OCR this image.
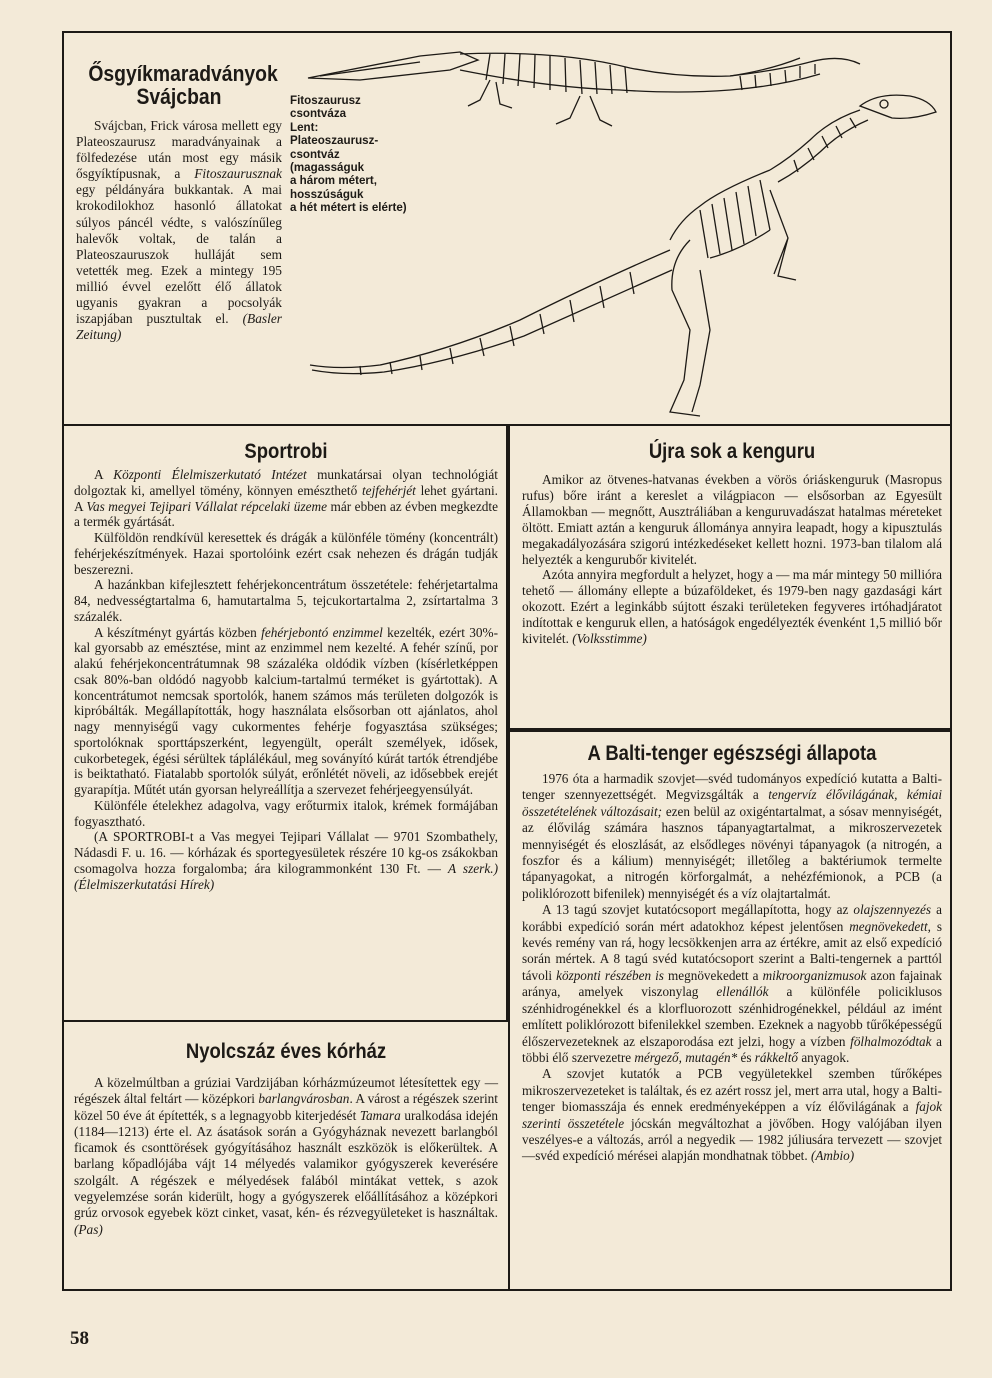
Ősgyíkmaradványok
Svájcban
Svájcban, Frick városa mellett egy Plateoszaurusz maradványainak a fölfedezése után most egy másik ősgyíktípusnak, a Fitoszaurusznak egy példányára bukkantak. A mai krokodilokhoz hasonló állatokat súlyos páncél védte, s valószínűleg halevők voltak, de talán a Plateoszauruszok hulláját sem vetették meg. Ezek a mintegy 195 millió évvel ezelőtt élő állatok ugyanis gyakran a pocsolyák iszapjában pusztultak el. (Basler Zeitung)
Fitoszaurusz
csontváza
Lent:
Plateoszaurusz-
csontváz
(magasságuk
a három métert,
hosszúságuk
a hét métert is elérte)
Sportrobi

A Központi Élelmiszerkutató Intézet munkatársai olyan technológiát dolgoztak ki, amellyel tömény, könnyen emészthető tejfehérjét lehet gyártani. A Vas megyei Tejipari Vállalat répcelaki üzeme már ebben az évben megkezdte a termék gyártását.

Külföldön rendkívül keresettek és drágák a különféle tömény (koncentrált) fehérjekészítmények. Hazai sportolóink ezért csak nehezen és drágán tudják beszerezni.

A hazánkban kifejlesztett fehérjekoncentrátum összetétele: fehérjetartalma 84, nedvességtartalma 6, hamutartalma 5, tejcukortartalma 2, zsírtartalma 3 százalék.

A készítményt gyártás közben fehérjebontó enzimmel kezelték, ezért 30%-kal gyorsabb az emésztése, mint az enzimmel nem kezelté. A fehér színű, por alakú fehérjekoncentrátumnak 98 százaléka oldódik vízben (kísérletképpen csak 80%-ban oldódó nagyobb kalcium-tartalmú terméket is gyártottak). A koncentrátumot nemcsak sportolók, hanem számos más területen dolgozók is kipróbálták. Megállapították, hogy használata elsősorban ott ajánlatos, ahol nagy mennyiségű vagy cukormentes fehérje fogyasztása szükséges; sportolóknak sporttápszerként, legyengült, operált személyek, idősek, cukorbetegek, égési sérültek táplálékául, meg soványító kúrát tartók étrendjébe is beiktatható. Fiatalabb sportolók súlyát, erőnlétét növeli, az idősebbek erejét gyarapítja. Műtét után gyorsan helyreállítja a szervezet fehérjeegyensúlyát.

Különféle ételekhez adagolva, vagy erőturmix italok, krémek formájában fogyasztható.

(A SPORTROBI-t a Vas megyei Tejipari Vállalat — 9701 Szombathely, Nádasdi F. u. 16. — kórházak és sportegyesületek részére 10 kg-os zsákokban csomagolva hozza forgalomba; ára kilogrammonként 130 Ft. — A szerk.) (Élelmiszerkutatási Hírek)

Nyolcszáz éves kórház

A közelmúltban a grúziai Vardzijában kórházmúzeumot létesítettek egy — régészek által feltárt — középkori barlangvárosban. A várost a régészek szerint közel 50 éve át építették, s a legnagyobb kiterjedését Tamara uralkodása idején (1184—1213) érte el. Az ásatások során a Gyógyháznak nevezett barlangból ficamok és csonttörések gyógyításához használt eszközök is előkerültek. A barlang kőpadlójába vájt 14 mélyedés valamikor gyógyszerek keverésére szolgált. A régészek e mélyedések falából mintákat vettek, s azok vegyelemzése során kiderült, hogy a gyógyszerek előállításához a középkori grúz orvosok egyebek közt cinket, vasat, kén- és rézvegyületeket is használtak. (Pas)

Újra sok a kenguru

Amikor az ötvenes-hatvanas években a vörös óriáskenguruk (Masropus rufus) bőre iránt a kereslet a világpiacon — elsősorban az Egyesült Államokban — megnőtt, Ausztráliában a kenguruvadászat hatalmas méreteket öltött. Emiatt aztán a kenguruk állománya annyira leapadt, hogy a kipusztulás megakadályozására szigorú intézkedéseket kellett hozni. 1973-ban tilalom alá helyezték a kengurubőr kivitelét.

Azóta annyira megfordult a helyzet, hogy a — ma már mintegy 50 millióra tehető — állomány ellepte a búzaföldeket, és 1979-ben nagy gazdasági kárt okozott. Ezért a leginkább sújtott északi területeken fegyveres irtóhadjáratot indítottak e kenguruk ellen, a hatóságok engedélyezték évenként 1,5 millió bőr kivitelét. (Volksstimme)

A Balti-tenger egészségi állapota

1976 óta a harmadik szovjet—svéd tudományos expedíció kutatta a Balti-tenger szennyezettségét. Megvizsgálták a tengervíz élővilágának, kémiai összetételének változásait; ezen belül az oxigéntartalmat, a sósav mennyiségét, az élővilág számára hasznos tápanyagtartalmat, a mikroszervezetek mennyiségét és eloszlását, az elsődleges növényi tápanyagok (a nitrogén, a foszfor és a kálium) mennyiségét; illetőleg a baktériumok termelte tápanyagokat, a nitrogén körforgalmát, a nehézfémionok, a PCB (a poliklórozott bifenilek) mennyiségét és a víz olajtartalmát.

A 13 tagú szovjet kutatócsoport megállapította, hogy az olajszennyezés a korábbi expedíció során mért adatokhoz képest jelentősen megnövekedett, s kevés remény van rá, hogy lecsökkenjen arra az értékre, amit az első expedíció során mértek. A 8 tagú svéd kutatócsoport szerint a Balti-tengernek a parttól távoli központi részében is megnövekedett a mikroorganizmusok azon fajainak aránya, amelyek viszonylag ellenállók a különféle policiklusos szénhidrogénekkel és a klorfluorozott szénhidrogénekkel, például az imént említett poliklórozott bifenilekkel szemben. Ezeknek a nagyobb tűrőképességű élőszervezeteknek az elszaporodása ezt jelzi, hogy a vízben fölhalmozódtak a többi élő szervezetre mérgező, mutagén* és rákkeltő anyagok.

A szovjet kutatók a PCB vegyületekkel szemben tűrőképes mikroszervezeteket is találtak, és ez azért rossz jel, mert arra utal, hogy a Balti-tenger biomasszája és ennek eredményeképpen a víz élővilágának a fajok szerinti összetétele jócskán megváltozhat a jövőben. Hogy valójában ilyen veszélyes-e a változás, arról a negyedik — 1982 júliusára tervezett — szovjet—svéd expedíció mérései alapján mondhatnak többet. (Ambio)

58
